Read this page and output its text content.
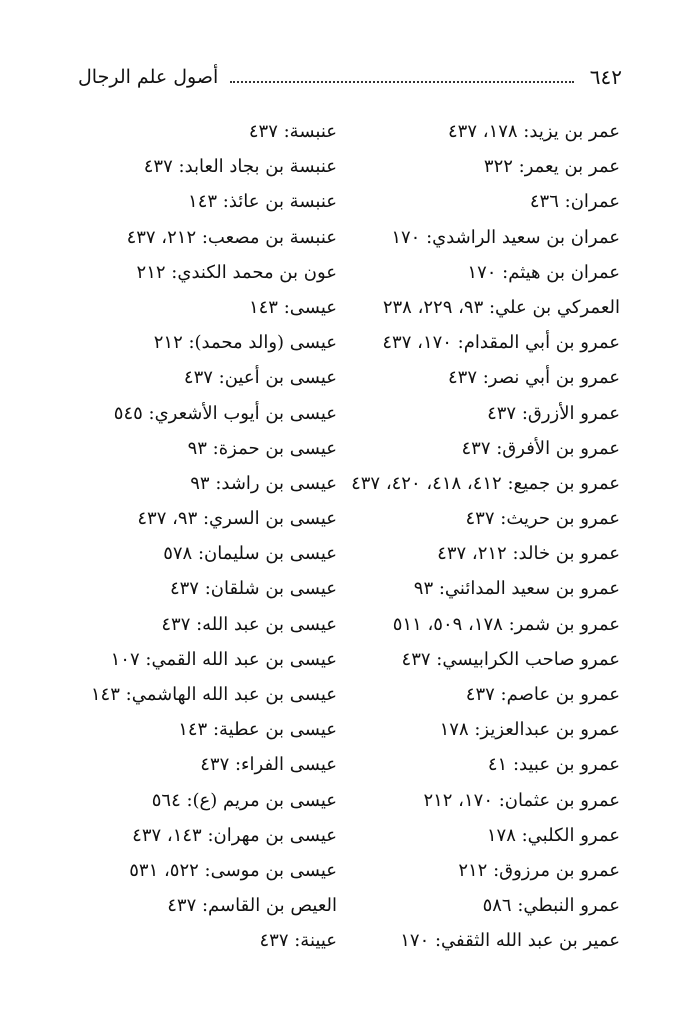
٦٤٢
أصول علم الرجال
عمر بن يزيد: ١٧٨، ٤٣٧
عمر بن يعمر: ٣٢٢
عمران: ٤٣٦
عمران بن سعيد الراشدي: ١٧٠
عمران بن هيثم: ١٧٠
العمركي بن علي: ٩٣، ٢٢٩، ٢٣٨
عمرو بن أبي المقدام: ١٧٠، ٤٣٧
عمرو بن أبي نصر: ٤٣٧
عمرو الأزرق: ٤٣٧
عمرو بن الأفرق: ٤٣٧
عمرو بن جميع: ٤١٢، ٤١٨، ٤٢٠، ٤٣٧
عمرو بن حريث: ٤٣٧
عمرو بن خالد: ٢١٢، ٤٣٧
عمرو بن سعيد المدائني: ٩٣
عمرو بن شمر: ١٧٨، ٥٠٩، ٥١١
عمرو صاحب الكرابيسي: ٤٣٧
عمرو بن عاصم: ٤٣٧
عمرو بن عبدالعزيز: ١٧٨
عمرو بن عبيد: ٤١
عمرو بن عثمان: ١٧٠، ٢١٢
عمرو الكلبي: ١٧٨
عمرو بن مرزوق: ٢١٢
عمرو النبطي: ٥٨٦
عمير بن عبد الله الثقفي: ١٧٠
عنبسة: ٤٣٧
عنبسة بن بجاد العابد: ٤٣٧
عنبسة بن عائذ: ١٤٣
عنبسة بن مصعب: ٢١٢، ٤٣٧
عون بن محمد الكندي: ٢١٢
عيسى: ١٤٣
عيسى (والد محمد): ٢١٢
عيسى بن أعين: ٤٣٧
عيسى بن أيوب الأشعري: ٥٤٥
عيسى بن حمزة: ٩٣
عيسى بن راشد: ٩٣
عيسى بن السري: ٩٣، ٤٣٧
عيسى بن سليمان: ٥٧٨
عيسى بن شلقان: ٤٣٧
عيسى بن عبد الله: ٤٣٧
عيسى بن عبد الله القمي: ١٠٧
عيسى بن عبد الله الهاشمي: ١٤٣
عيسى بن عطية: ١٤٣
عيسى الفراء: ٤٣٧
عيسى بن مريم (ع): ٥٦٤
عيسى بن مهران: ١٤٣، ٤٣٧
عيسى بن موسى: ٥٢٢، ٥٣١
العيص بن القاسم: ٤٣٧
عيينة: ٤٣٧
